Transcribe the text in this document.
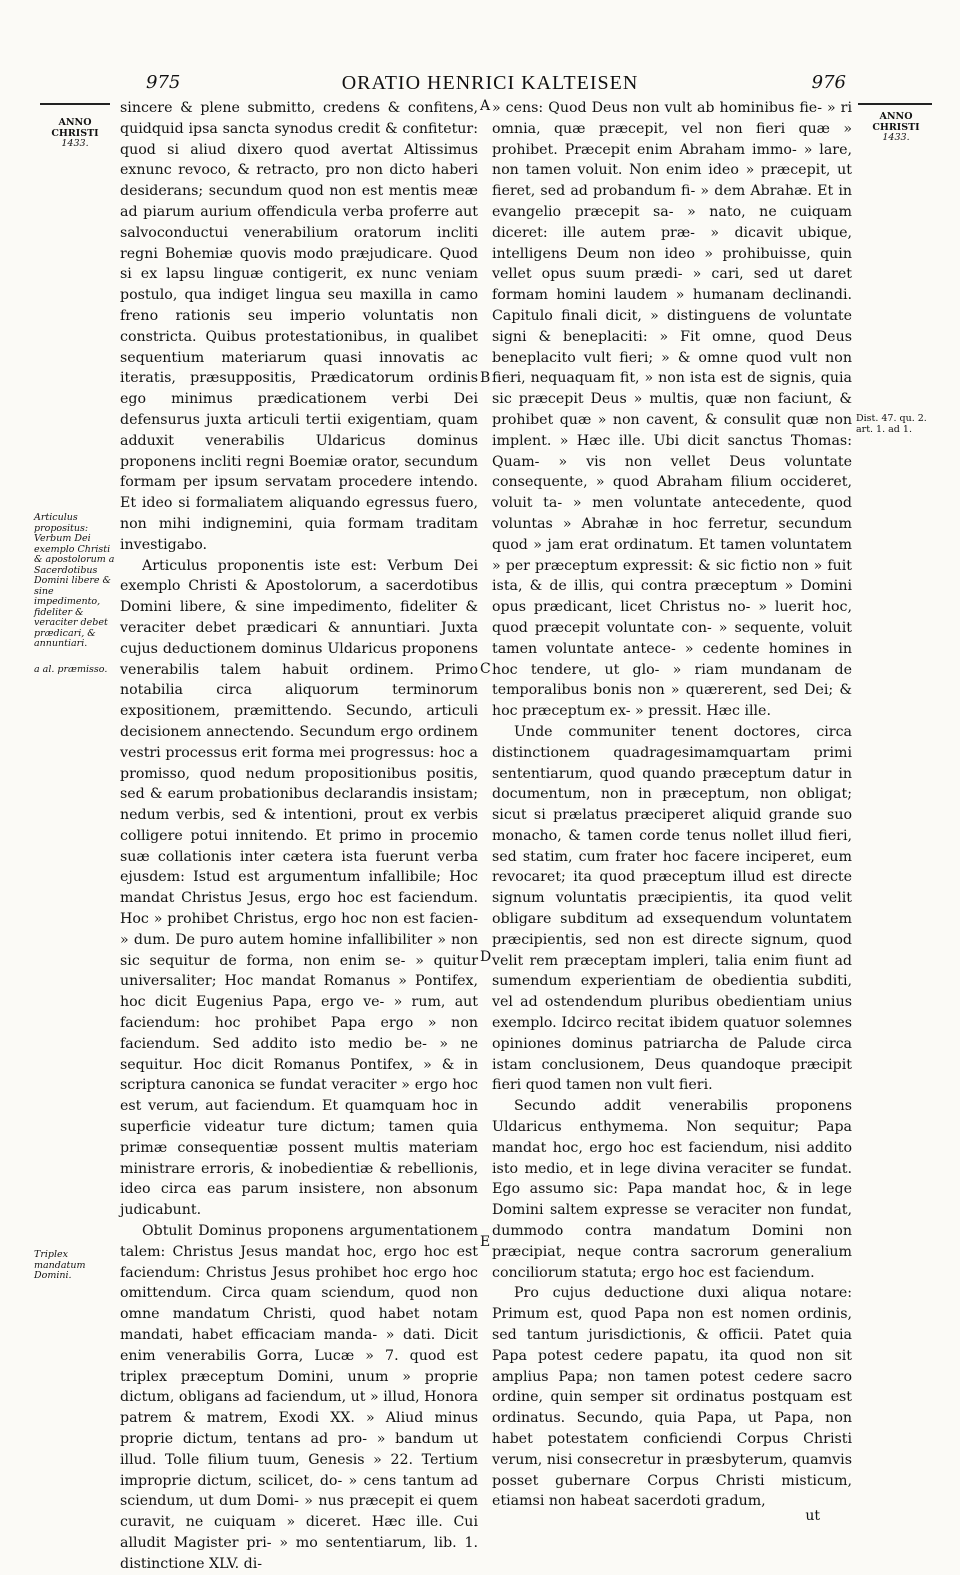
975	ORATIO HENRICI KALTEISEN	976
ANNO CHRISTI
1433.
ANNO CHRISTI
1433.
Articulus propositus: Verbum Dei exemplo Christi & apostolorum a Sacerdotibus Domini libere & sine impedimento, fideliter & veraciter debet prædicari, & annuntiari.
a al. præmisso.
Triplex mandatum Domini.
Dist. 47. qu. 2. art. 1. ad 1.
A
B
C
D
E

sincere & plene submitto, credens & confitens, quidquid ipsa sancta synodus credit & confitetur: quod si aliud dixero quod avertat Altissimus exnunc revoco, & retracto, pro non dicto haberi desiderans; secundum quod non est mentis meæ ad piarum aurium offendicula verba proferre aut salvoconductui venerabilium oratorum incliti regni Bohemiæ quovis modo præjudicare. Quod si ex lapsu linguæ contigerit, ex nunc veniam postulo, qua indiget lingua seu maxilla in camo freno rationis seu imperio voluntatis non constricta. Quibus protestationibus, in qualibet sequentium materiarum quasi innovatis ac iteratis, præsuppositis, Prædicatorum ordinis ego minimus prædicationem verbi Dei defensurus juxta articuli tertii exigentiam, quam adduxit venerabilis Uldaricus dominus proponens incliti regni Boemiæ orator, secundum formam per ipsum servatam procedere intendo. Et ideo si formaliatem aliquando egressus fuero, non mihi indignemini, quia formam traditam investigabo.

Articulus proponentis iste est: Verbum Dei exemplo Christi & Apostolorum, a sacerdotibus Domini libere, & sine impedimento, fideliter & veraciter debet prædicari & annuntiari. Juxta cujus deductionem dominus Uldaricus proponens venerabilis talem habuit ordinem. Primo notabilia circa aliquorum terminorum expositionem, præmittendo. Secundo, articuli decisionem annectendo. Secundum ergo ordinem vestri processus erit forma mei progressus: hoc a promisso, quod nedum propositionibus positis, sed & earum probationibus declarandis insistam; nedum verbis, sed & intentioni, prout ex verbis colligere potui innitendo. Et primo in procemio suæ collationis inter cætera ista fuerunt verba ejusdem: Istud est argumentum infallibile; Hoc mandat Christus Jesus, ergo hoc est faciendum. Hoc » prohibet Christus, ergo hoc non est facien- » dum. De puro autem homine infallibiliter » non sic sequitur de forma, non enim se- » quitur universaliter; Hoc mandat Romanus » Pontifex, hoc dicit Eugenius Papa, ergo ve- » rum, aut faciendum: hoc prohibet Papa ergo » non faciendum. Sed addito isto medio be- » ne sequitur. Hoc dicit Romanus Pontifex, » & in scriptura canonica se fundat veraciter » ergo hoc est verum, aut faciendum. Et quamquam hoc in superficie videatur ture dictum; tamen quia primæ consequentiæ possent multis materiam ministrare erroris, & inobedientiæ & rebellionis, ideo circa eas parum insistere, non absonum judicabunt.

Obtulit Dominus proponens argumentationem talem: Christus Jesus mandat hoc, ergo hoc est faciendum: Christus Jesus prohibet hoc ergo hoc omittendum. Circa quam sciendum, quod non omne mandatum Christi, quod habet notam mandati, habet efficaciam manda- » dati. Dicit enim venerabilis Gorra, Lucæ » 7. quod est triplex præceptum Domini, unum » proprie dictum, obligans ad faciendum, ut » illud, Honora patrem & matrem, Exodi XX. » Aliud minus proprie dictum, tentans ad pro- » bandum ut illud. Tolle filium tuum, Genesis » 22. Tertium improprie dictum, scilicet, do- » cens tantum ad sciendum, ut dum Domi- » nus præcepit ei quem curavit, ne cuiquam » diceret. Hæc ille. Cui alludit Magister pri- » mo sententiarum, lib. 1. distinctione XLV. di-

» cens: Quod Deus non vult ab hominibus fie- » ri omnia, quæ præcepit, vel non fieri quæ » prohibet. Præcepit enim Abraham immo- » lare, non tamen voluit. Non enim ideo » præcepit, ut fieret, sed ad probandum fi- » dem Abrahæ. Et in evangelio præcepit sa- » nato, ne cuiquam diceret: ille autem præ- » dicavit ubique, intelligens Deum non ideo » prohibuisse, quin vellet opus suum prædi- » cari, sed ut daret formam homini laudem » humanam declinandi. Capitulo finali dicit, » distinguens de voluntate signi & beneplaciti: » Fit omne, quod Deus beneplacito vult fieri; » & omne quod vult non fieri, nequaquam fit, » non ista est de signis, quia sic præcepit Deus » multis, quæ non faciunt, & prohibet quæ » non cavent, & consulit quæ non implent. » Hæc ille. Ubi dicit sanctus Thomas: Quam- » vis non vellet Deus voluntate consequente, » quod Abraham filium occideret, voluit ta- » men voluntate antecedente, quod voluntas » Abrahæ in hoc ferretur, secundum quod » jam erat ordinatum. Et tamen voluntatem » per præceptum expressit: & sic fictio non » fuit ista, & de illis, qui contra præceptum » Domini opus prædicant, licet Christus no- » luerit hoc, quod præcepit voluntate con- » sequente, voluit tamen voluntate antece- » cedente homines in hoc tendere, ut glo- » riam mundanam de temporalibus bonis non » quærerent, sed Dei; & hoc præceptum ex- » pressit. Hæc ille.

Unde communiter tenent doctores, circa distinctionem quadragesimamquartam primi sententiarum, quod quando præceptum datur in documentum, non in præceptum, non obligat; sicut si prælatus præciperet aliquid grande suo monacho, & tamen corde tenus nollet illud fieri, sed statim, cum frater hoc facere inciperet, eum revocaret; ita quod præceptum illud est directe signum voluntatis præcipientis, ita quod velit obligare subditum ad exsequendum voluntatem præcipientis, sed non est directe signum, quod velit rem præceptam impleri, talia enim fiunt ad sumendum experientiam de obedientia subditi, vel ad ostendendum pluribus obedientiam unius exemplo. Idcirco recitat ibidem quatuor solemnes opiniones dominus patriarcha de Palude circa istam conclusionem, Deus quandoque præcipit fieri quod tamen non vult fieri.

Secundo addit venerabilis proponens Uldaricus enthymema. Non sequitur; Papa mandat hoc, ergo hoc est faciendum, nisi addito isto medio, et in lege divina veraciter se fundat. Ego assumo sic: Papa mandat hoc, & in lege Domini saltem expresse se veraciter non fundat, dummodo contra mandatum Domini non præcipiat, neque contra sacrorum generalium conciliorum statuta; ergo hoc est faciendum.

Pro cujus deductione duxi aliqua notare: Primum est, quod Papa non est nomen ordinis, sed tantum jurisdictionis, & officii. Patet quia Papa potest cedere papatu, ita quod non sit amplius Papa; non tamen potest cedere sacro ordine, quin semper sit ordinatus postquam est ordinatus. Secundo, quia Papa, ut Papa, non habet potestatem conficiendi Corpus Christi verum, nisi consecretur in præsbyterum, quamvis posset gubernare Corpus Christi misticum, etiamsi non habeat sacerdoti gradum,

ut
